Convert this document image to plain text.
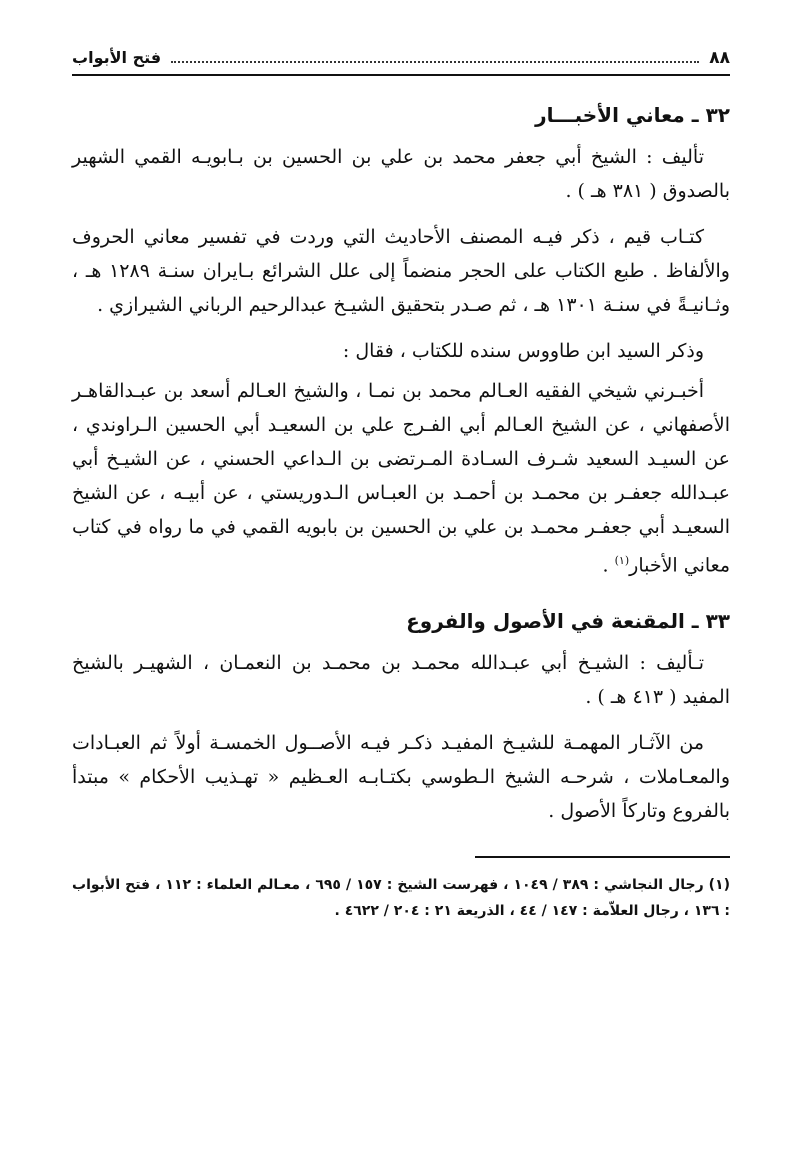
٨٨
فتح الأبواب
٣٢ ـ معاني الأخبـــار

تأليف : الشيخ أبي جعفر محمد بن علي بن الحسين بن بـابويـه القمي الشهير بالصدوق ( ٣٨١ هـ ) .

كتـاب قيم ، ذكر فيـه المصنف الأحاديث التي وردت في تفسير معاني الحروف والألفاظ . طبع الكتاب على الحجر منضماً إلى علل الشرائع بـايران سنـة ١٢٨٩ هـ ، وثـانيـةً في سنـة ١٣٠١ هـ ، ثم صـدر بتحقيق الشيـخ عبدالرحيم الرباني الشيرازي .

وذكر السيد ابن طاووس سنده للكتاب ، فقال :

أخبـرني شيخي الفقيه العـالم محمد بن نمـا ، والشيخ العـالم أسعد بن عبـدالقاهـر الأصفهاني ، عن الشيخ العـالم أبي الفـرج علي بن السعيـد أبي الحسين الـراوندي ، عن السيـد السعيد شـرف السـادة المـرتضى بن الـداعي الحسني ، عن الشيـخ أبي عبـدالله جعفـر بن محمـد بن أحمـد بن العبـاس الـدوريستي ، عن أبيـه ، عن الشيخ السعيـد أبي جعفـر محمـد بن علي بن الحسين بن بابويه القمي في ما رواه في كتاب معاني الأخبار$^{(١)}$ .

٣٣ ـ المقنعة في الأصول والفروع

تـأليف : الشيـخ أبي عبـدالله محمـد بن محمـد بن النعمـان ، الشهيـر بالشيخ المفيد ( ٤١٣ هـ ) .

من الآثـار المهمـة للشيـخ المفيـد ذكـر فيـه الأصــول الخمسـة أولاً ثم العبـادات والمعـاملات ، شرحـه الشيخ الـطوسي بكتـابـه العـظيم « تهـذيب الأحكام » مبتدأ بالفروع وتاركاً الأصول .

(١) رجال النجاشي : ٣٨٩ / ١٠٤٩ ، فهرست الشيخ : ١٥٧ / ٦٩٥ ، معـالم العلماء : ١١٢ ، فتح الأبواب : ١٣٦ ، رجال العلاّمة : ١٤٧ / ٤٤ ، الذريعة ٢١ : ٢٠٤ / ٤٦٢٢ .
